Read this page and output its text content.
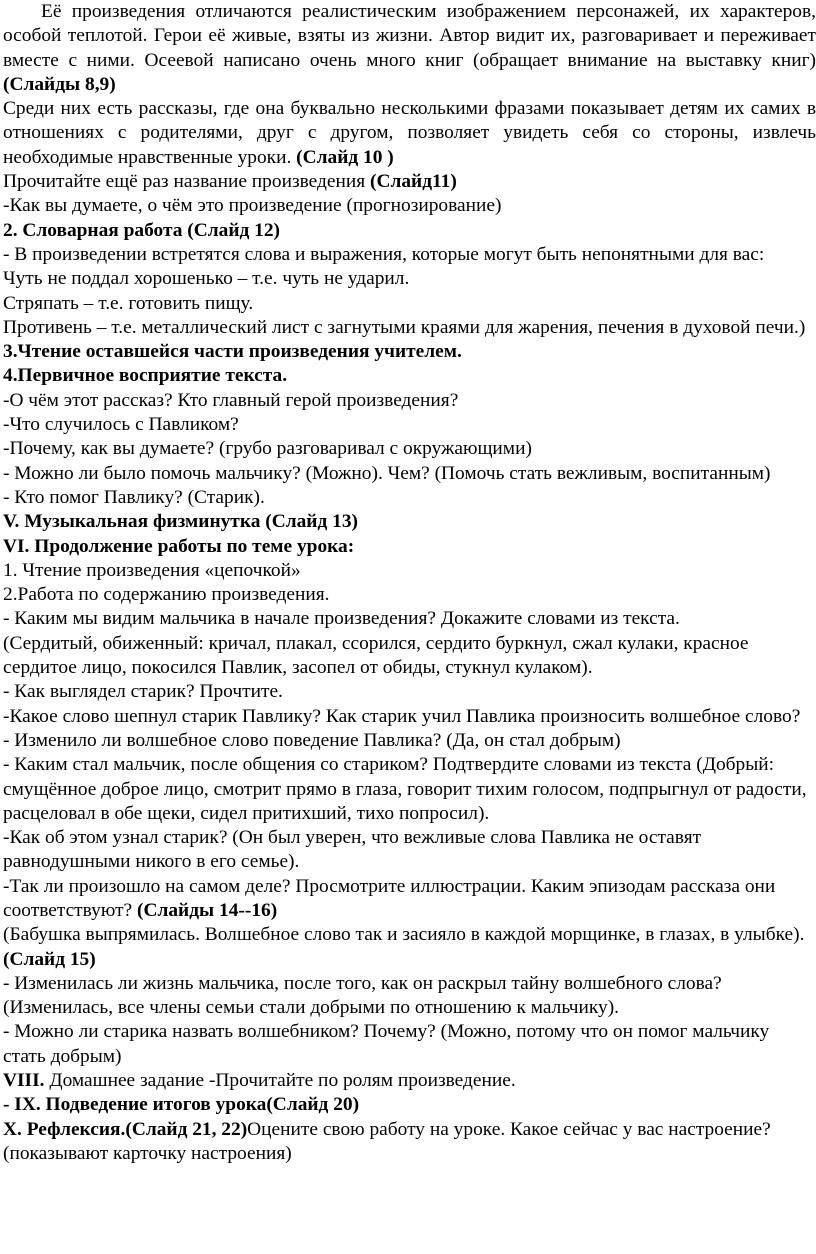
Её произведения отличаются реалистическим изображением персонажей, их характеров, особой теплотой. Герои её живые, взяты из жизни. Автор видит их, разговаривает и переживает вместе с ними. Осеевой написано очень много книг (обращает внимание на выставку книг) (Слайды 8,9)

Среди них есть рассказы, где она буквально несколькими фразами показывает детям их самих в отношениях с родителями, друг с другом, позволяет увидеть себя со стороны, извлечь необходимые нравственные уроки. (Слайд 10 )

Прочитайте ещё раз название произведения (Слайд11)

-Как вы думаете, о чём это произведение (прогнозирование)

2. Словарная работа (Слайд 12)

- В произведении встретятся слова и выражения, которые могут быть непонятными для вас:

Чуть не поддал хорошенько – т.е. чуть не ударил.

Стряпать – т.е. готовить пищу.

Противень – т.е. металлический лист с загнутыми краями для жарения, печения в духовой печи.)

3.Чтение оставшейся части произведения учителем.

4.Первичное восприятие текста.

-О чём этот рассказ? Кто главный герой произведения?

-Что случилось с Павликом?

-Почему, как вы думаете? (грубо разговаривал с окружающими)

- Можно ли было помочь мальчику? (Можно). Чем? (Помочь стать вежливым, воспитанным)

- Кто помог Павлику? (Старик).

V. Музыкальная физминутка (Слайд 13)

VI. Продолжение работы по теме урока:

1. Чтение произведения «цепочкой»

2.Работа по содержанию произведения.

- Каким мы видим мальчика в начале произведения? Докажите словами из текста.

(Сердитый, обиженный: кричал, плакал, ссорился, сердито буркнул, сжал кулаки, красное сердитое лицо, покосился Павлик, засопел от обиды, стукнул кулаком).

- Как выглядел старик? Прочтите.

-Какое слово шепнул старик Павлику? Как старик учил Павлика произносить волшебное слово?

- Изменило ли волшебное слово поведение Павлика? (Да, он стал добрым)

- Каким стал мальчик, после общения со стариком? Подтвердите словами из текста (Добрый: смущённое доброе лицо, смотрит прямо в глаза, говорит тихим голосом, подпрыгнул от радости, расцеловал в обе щеки, сидел притихший, тихо попросил).

-Как об этом узнал старик? (Он был уверен, что вежливые слова Павлика не оставят равнодушными никого в его семье).

-Так ли произошло на самом деле? Просмотрите иллюстрации. Каким эпизодам рассказа они соответствуют? (Слайды 14--16)

(Бабушка выпрямилась. Волшебное слово так и засияло в каждой морщинке, в глазах, в улыбке). (Слайд 15)

- Изменилась ли жизнь мальчика, после того, как он раскрыл тайну волшебного слова? (Изменилась, все члены семьи стали добрыми по отношению к мальчику).

- Можно ли старика назвать волшебником? Почему? (Можно, потому что он помог мальчику стать добрым)

VIII. Домашнее задание -Прочитайте по ролям произведение.

- IX. Подведение итогов урока(Слайд 20)

X. Рефлексия.(Слайд 21, 22)Оцените свою работу на уроке. Какое сейчас у вас настроение? (показывают карточку настроения)
